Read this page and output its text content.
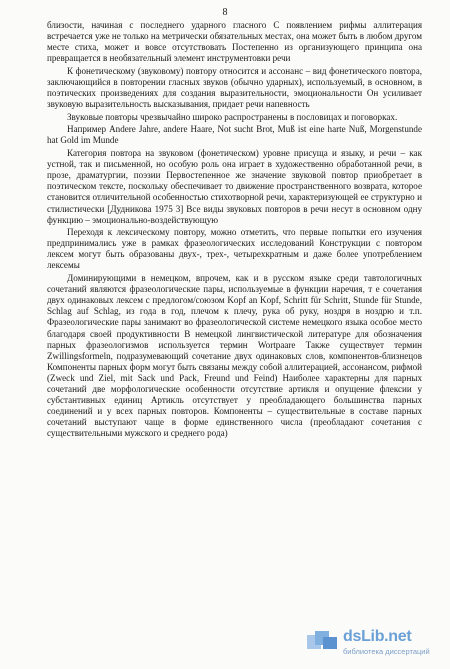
8

близости, начиная с последнего ударного гласного С появлением рифмы аллитерация встречается уже не только на метрически обязательных местах, она может быть в любом другом месте стиха, может и вовсе отсутствовать Постепенно из организующего принципа она превращается в необязательный элемент инструментовки речи

К фонетическому (звуковому) повтору относится и ассонанс – вид фонетического повтора, заключающийся в повторении гласных звуков (обычно ударных), используемый, в основном, в поэтических произведениях для создания выразительности, эмоциональности Он усиливает звуковую выразительность высказывания, придает речи напевность

Звуковые повторы чрезвычайно широко распространены в пословицах и поговорках.

Например Andere Jahre, andere Haare, Not sucht Brot, Muß ist eine harte Nuß, Morgenstunde hat Gold im Munde

Категория повтора на звуковом (фонетическом) уровне присуща и языку, и речи – как устной, так и письменной, но особую роль она играет в художественно обработанной речи, в прозе, драматургии, поэзии Первостепенное же значение звуковой повтор приобретает в поэтическом тексте, поскольку обеспечивает то движение пространственного возврата, которое становится отличительной особенностью стихотворной речи, характеризующей ее структурно и стилистически [Дудникова 1975 3] Все виды звуковых повторов в речи несут в основном одну функцию – эмоционально-воздействующую

Переходя к лексическому повтору, можно отметить, что первые попытки его изучения предпринимались уже в рамках фразеологических исследований Конструкции с повтором лексем могут быть образованы двух-, трех-, четырехкратным и даже более употреблением лексемы

Доминирующими в немецком, впрочем, как и в русском языке среди тавтологичных сочетаний являются фразеологические пары, используемые в функции наречия, т е сочетания двух одинаковых лексем с предлогом/союзом Kopf an Kopf, Schritt für Schritt, Stunde für Stunde, Schlag auf Schlag, из года в год, плечом к плечу, рука об руку, ноздря в ноздрю и т.п. Фразеологические пары занимают во фразеологической системе немецкого языка особое место благодаря своей продуктивности В немецкой лингвистической литературе для обозначения парных фразеологизмов используется термин Wortpaare Также существует термин Zwillingsformeln, подразумевающий сочетание двух одинаковых слов, компонентов-близнецов Компоненты парных форм могут быть связаны между собой аллитерацией, ассонансом, рифмой (Zweck und Ziel, mit Sack und Pack, Freund und Feind) Наиболее характерны для парных сочетаний две морфологические особенности отсутствие артикля и опущение флексии у субстантивных единиц Артикль отсутствует у преобладающего большинства парных соединений и у всех парных повторов. Компоненты – существительные в составе парных сочетаний выступают чаще в форме единственного числа (преобладают сочетания с существительными мужского и среднего рода)

dsLib.net
библиотека диссертаций
